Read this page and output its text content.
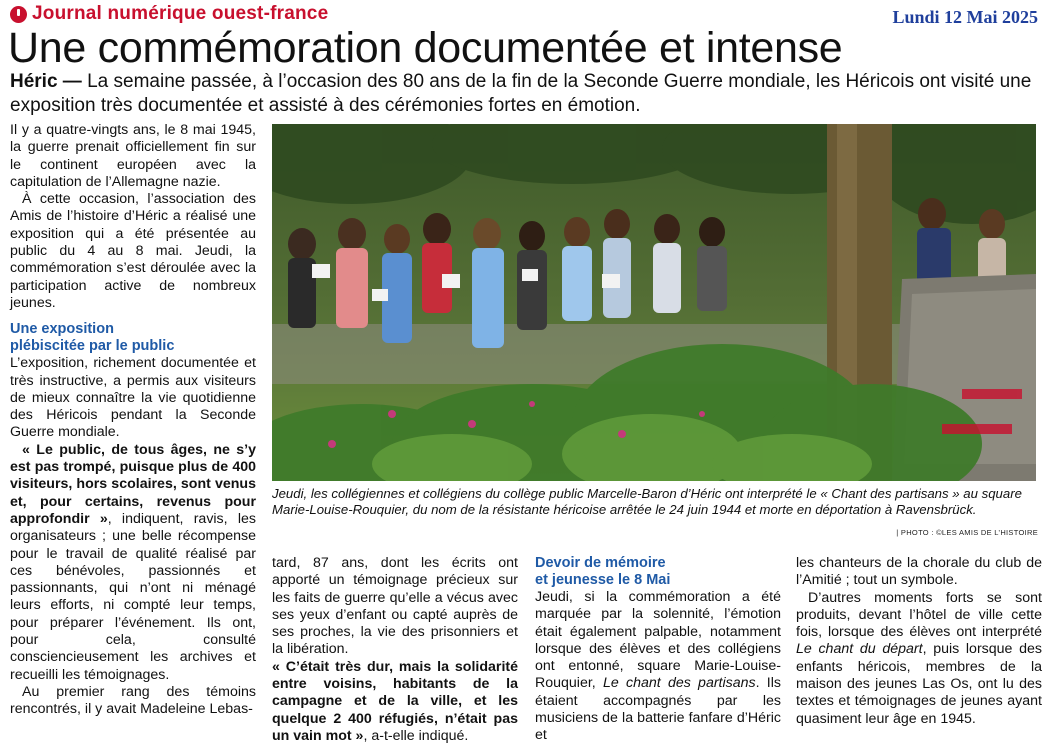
Journal numérique ouest-france	Lundi 12 Mai 2025
Une commémoration documentée et intense
Héric — La semaine passée, à l’occasion des 80 ans de la fin de la Seconde Guerre mondiale, les Héricois ont visité une exposition très documentée et assisté à des cérémonies fortes en émotion.

Il y a quatre-vingts ans, le 8 mai 1945, la guerre prenait officiellement fin sur le continent européen avec la capitulation de l’Allemagne nazie.

À cette occasion, l’association des Amis de l’histoire d’Héric a réalisé une exposition qui a été présentée au public du 4 au 8 mai. Jeudi, la commémoration s’est déroulée avec la participation active de nombreux jeunes.

Une exposition
plébiscitée par le public

L’exposition, richement documentée et très instructive, a permis aux visiteurs de mieux connaître la vie quotidienne des Héricois pendant la Seconde Guerre mondiale.

« Le public, de tous âges, ne s’y est pas trompé, puisque plus de 400 visiteurs, hors scolaires, sont venus et, pour certains, revenus pour approfondir », indiquent, ravis, les organisateurs ; une belle récompense pour le travail de qualité réalisé par ces bénévoles, passionnés et passionnants, qui n’ont ni ménagé leurs efforts, ni compté leur temps, pour préparer l’événement. Ils ont, pour cela, consulté consciencieusement les archives et recueilli les témoignages.

Au premier rang des témoins rencontrés, il y avait Madeleine Lebas-

Jeudi, les collégiennes et collégiens du collège public Marcelle-Baron d’Héric ont interprété le « Chant des partisans » au square Marie-Louise-Rouquier, du nom de la résistante héricoise arrêtée le 24 juin 1944 et morte en déportation à Ravensbrück.
| PHOTO : ©LES AMIS DE L’HISTOIRE

tard, 87 ans, dont les écrits ont apporté un témoignage précieux sur les faits de guerre qu’elle a vécus avec ses yeux d’enfant ou capté auprès de ses proches, la vie des prisonniers et la libération.

« C’était très dur, mais la solidarité entre voisins, habitants de la campagne et de la ville, et les quelque 2 400 réfugiés, n’était pas un vain mot », a-t-elle indiqué.

Devoir de mémoire
et jeunesse le 8 Mai

Jeudi, si la commémoration a été marquée par la solennité, l’émotion était également palpable, notamment lorsque des élèves et des collégiens ont entonné, square Marie-Louise-Rouquier, Le chant des partisans. Ils étaient accompagnés par les musiciens de la batterie fanfare d’Héric et

les chanteurs de la chorale du club de l’Amitié ; tout un symbole.

D’autres moments forts se sont produits, devant l’hôtel de ville cette fois, lorsque des élèves ont interprété Le chant du départ, puis lorsque des enfants héricois, membres de la maison des jeunes Las Os, ont lu des textes et témoignages de jeunes ayant quasiment leur âge en 1945.
